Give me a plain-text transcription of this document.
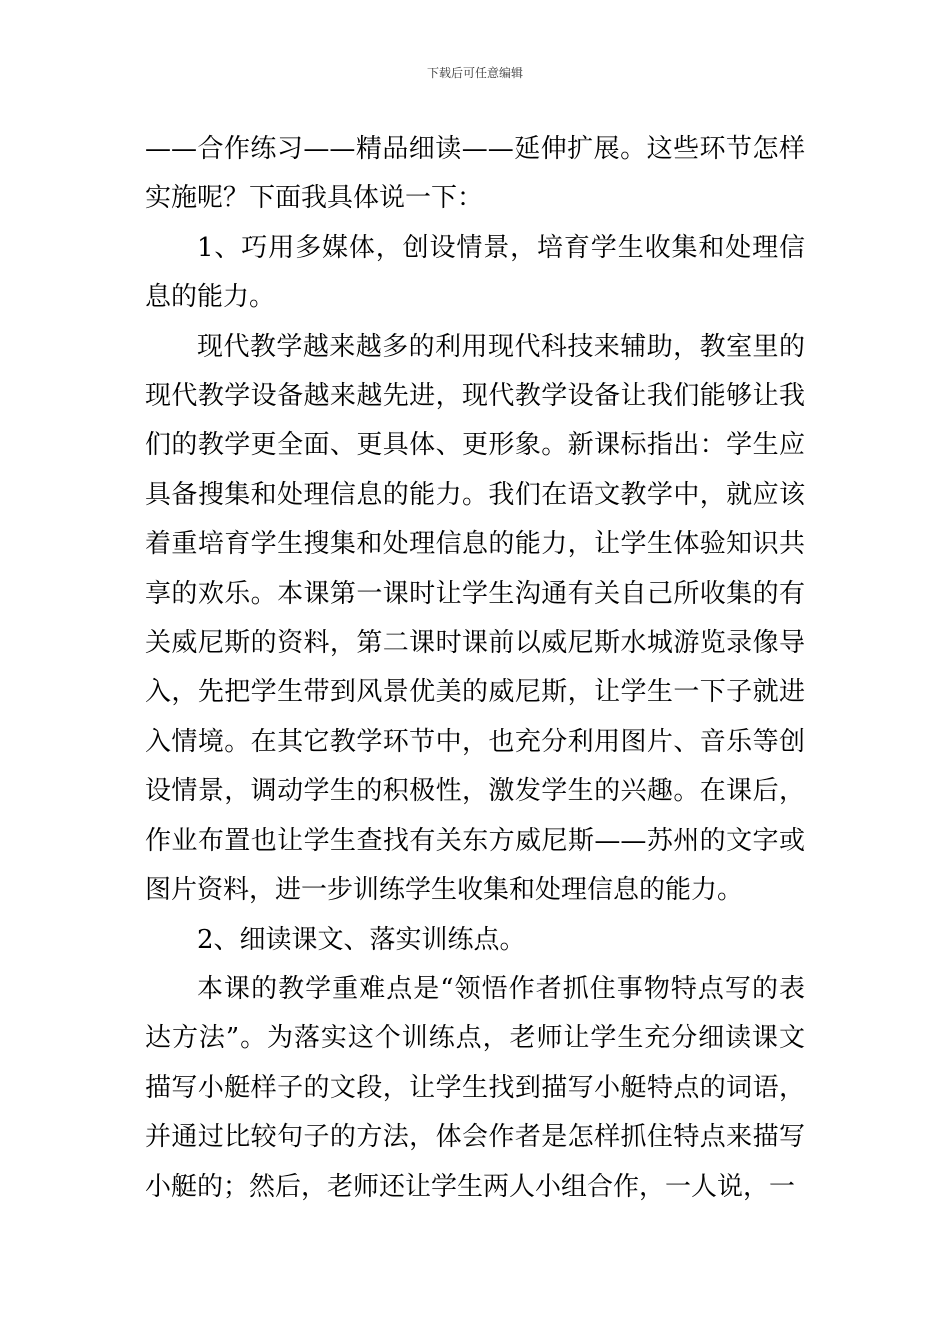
下载后可任意编辑

——合作练习——精品细读——延伸扩展。这些环节怎样实施呢？下面我具体说一下：

1、巧用多媒体，创设情景，培育学生收集和处理信息的能力。

现代教学越来越多的利用现代科技来辅助，教室里的现代教学设备越来越先进，现代教学设备让我们能够让我们的教学更全面、更具体、更形象。新课标指出：学生应具备搜集和处理信息的能力。我们在语文教学中，就应该着重培育学生搜集和处理信息的能力，让学生体验知识共享的欢乐。本课第一课时让学生沟通有关自己所收集的有关威尼斯的资料，第二课时课前以威尼斯水城游览录像导入，先把学生带到风景优美的威尼斯，让学生一下子就进入情境。在其它教学环节中，也充分利用图片、音乐等创设情景，调动学生的积极性，激发学生的兴趣。在课后，作业布置也让学生查找有关东方威尼斯——苏州的文字或图片资料，进一步训练学生收集和处理信息的能力。

2、细读课文、落实训练点。

本课的教学重难点是“领悟作者抓住事物特点写的表达方法”。为落实这个训练点，老师让学生充分细读课文描写小艇样子的文段，让学生找到描写小艇特点的词语，并通过比较句子的方法，体会作者是怎样抓住特点来描写小艇的；然后，老师还让学生两人小组合作，一人说，一
